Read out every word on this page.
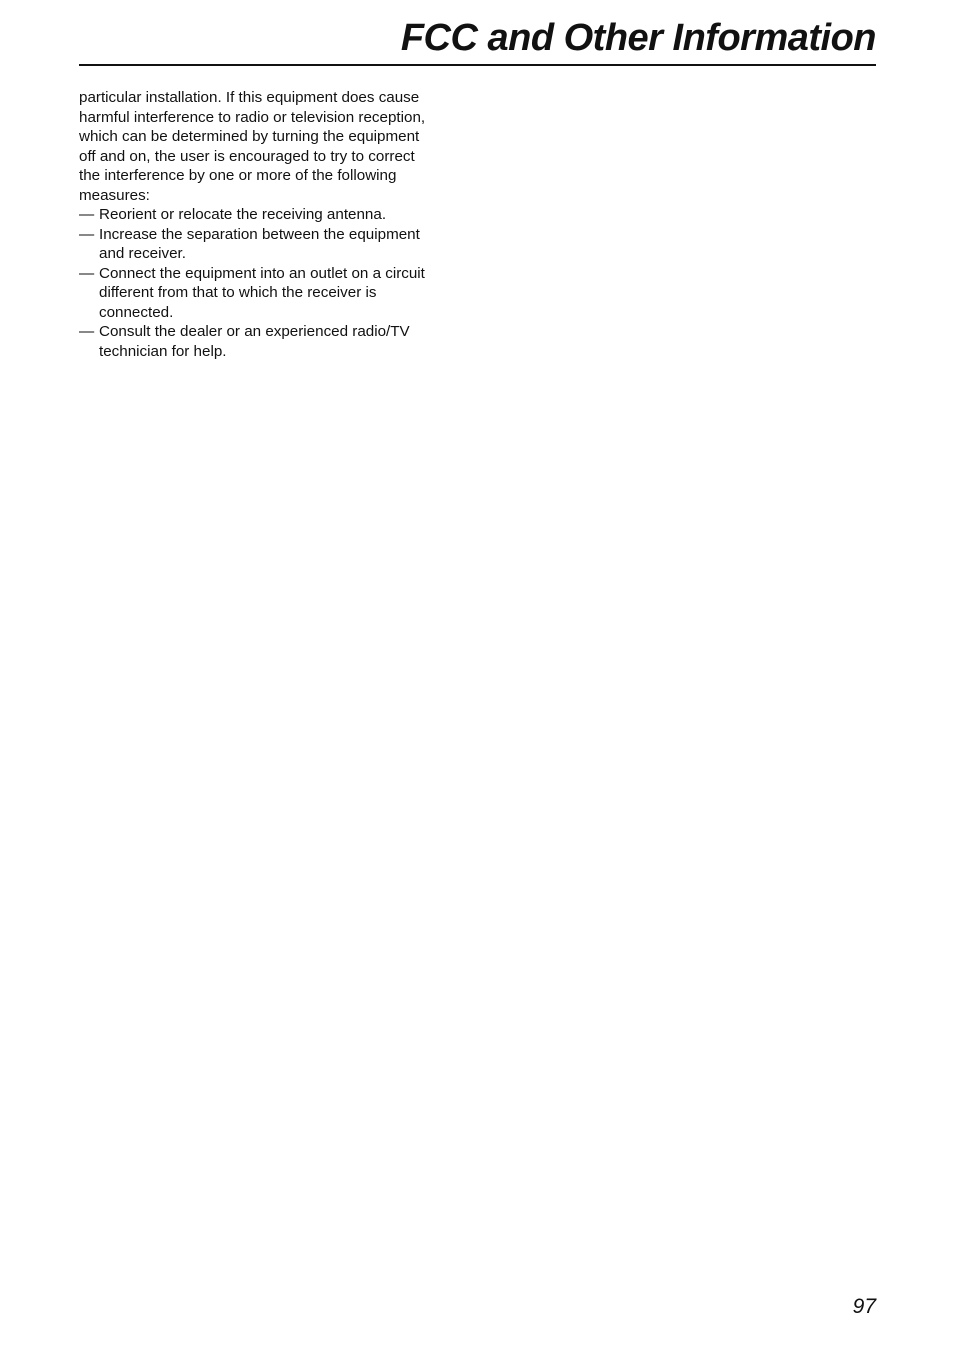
FCC and Other Information

particular installation. If this equipment does cause
harmful interference to radio or television reception,
which can be determined by turning the equipment
off and on, the user is encouraged to try to correct
the interference by one or more of the following
measures:

— Reorient or relocate the receiving antenna.
— Increase the separation between the equipment
and receiver.
— Connect the equipment into an outlet on a circuit
different from that to which the receiver is
connected.
— Consult the dealer or an experienced radio/TV
technician for help.
97
